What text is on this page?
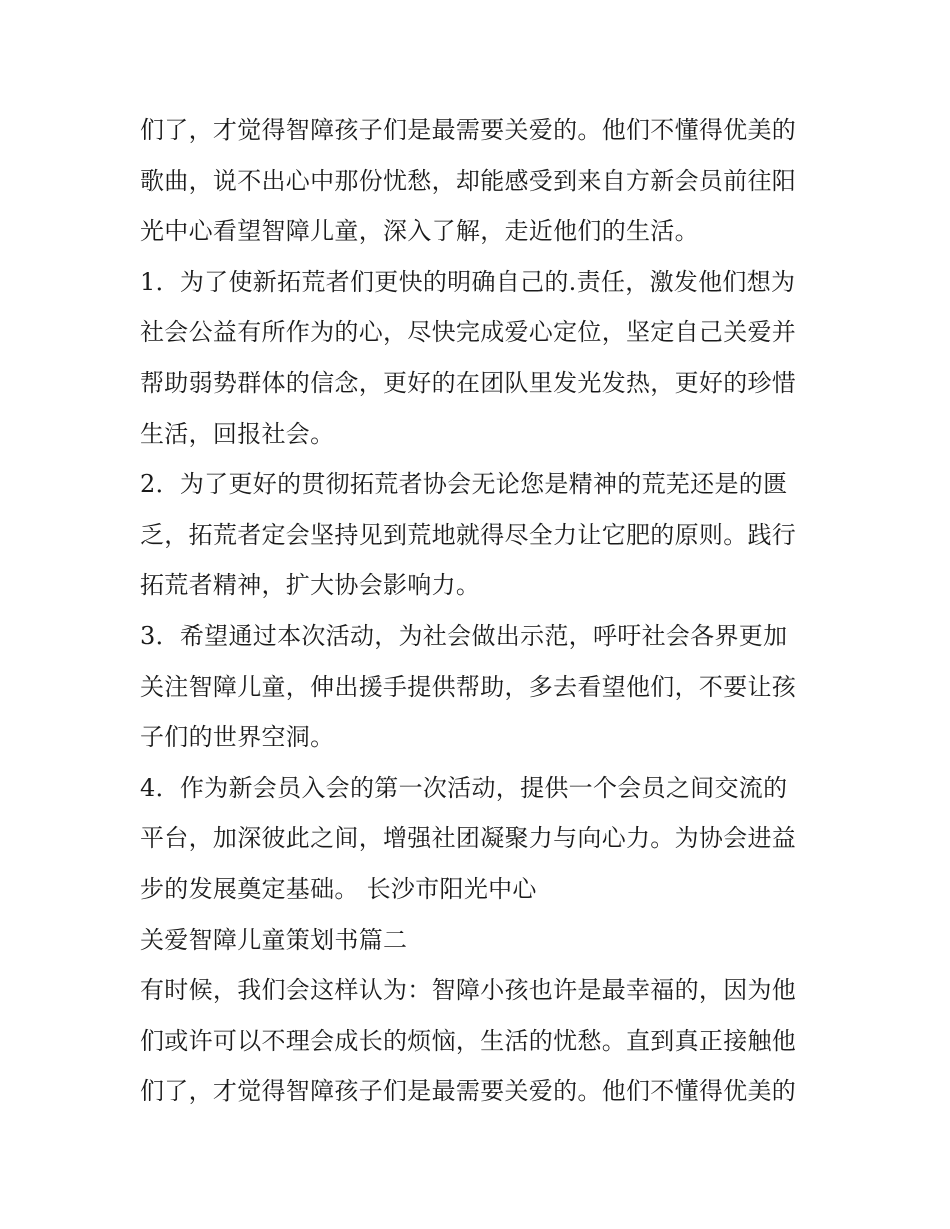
们了，才觉得智障孩子们是最需要关爱的。他们不懂得优美的
歌曲，说不出心中那份忧愁，却能感受到来自方新会员前往阳
光中心看望智障儿童，深入了解，走近他们的生活。
1．为了使新拓荒者们更快的明确自己的.责任，激发他们想为
社会公益有所作为的心，尽快完成爱心定位，坚定自己关爱并
帮助弱势群体的信念，更好的在团队里发光发热，更好的珍惜
生活，回报社会。
2．为了更好的贯彻拓荒者协会无论您是精神的荒芜还是的匮
乏，拓荒者定会坚持见到荒地就得尽全力让它肥的原则。践行
拓荒者精神，扩大协会影响力。
3．希望通过本次活动，为社会做出示范，呼吁社会各界更加
关注智障儿童，伸出援手提供帮助，多去看望他们，不要让孩
子们的世界空洞。
4．作为新会员入会的第一次活动，提供一个会员之间交流的
平台，加深彼此之间，增强社团凝聚力与向心力。为协会进益
步的发展奠定基础。 长沙市阳光中心
关爱智障儿童策划书篇二
有时候，我们会这样认为：智障小孩也许是最幸福的，因为他
们或许可以不理会成长的烦恼，生活的忧愁。直到真正接触他
们了，才觉得智障孩子们是最需要关爱的。他们不懂得优美的
